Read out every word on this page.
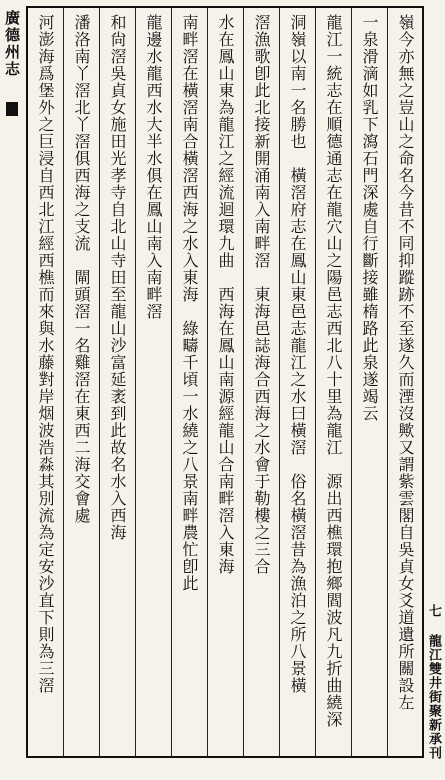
廣德州志	嶺今亦無之豈山之命名今昔不同抑蹤跡不至遂久而湮沒歟又謂紫雲閣自吳貞女爻道遺所關設左
一泉滑滴如乳下瀉石門深處自行斷接雖楕路此泉遂竭云
龍江一統志在順德通志在龍穴山之陽邑志西北八十里為龍江　源出西樵環抱鄉閻波凡九折曲繞深
洞嶺以南一名勝也　橫滘府志在鳳山東邑志龍江之水曰橫滘　俗名橫滘昔為漁泊之所八景橫
滘漁歌卽此北接新開涌南入南畔滘　東海邑誌海合西海之水會于勒樓之三合
水在鳳山東為龍江之經流迴環九曲　西海在鳳山南源經龍山合南畔滘入東海
南畔滘在橫滘南合橫滘西海之水入東海　綠疇千頃一水繞之八景南畔農忙卽此
龍邊水龍西水大半水俱在鳳山南入南畔滘
和尙滘吳貞女施田光孝寺自北山寺田至龍山沙富延袤到此故名水入西海
潘洛南丫滘北丫滘俱西海之支流　閘頭滘一名雞滘在東西二海交會處
河澎海爲堡外之巨浸自西北江經西樵而來與水藤對岸烟波浩淼其別流為定安沙直下則為三滘	七 龍江雙井街聚新承刊
